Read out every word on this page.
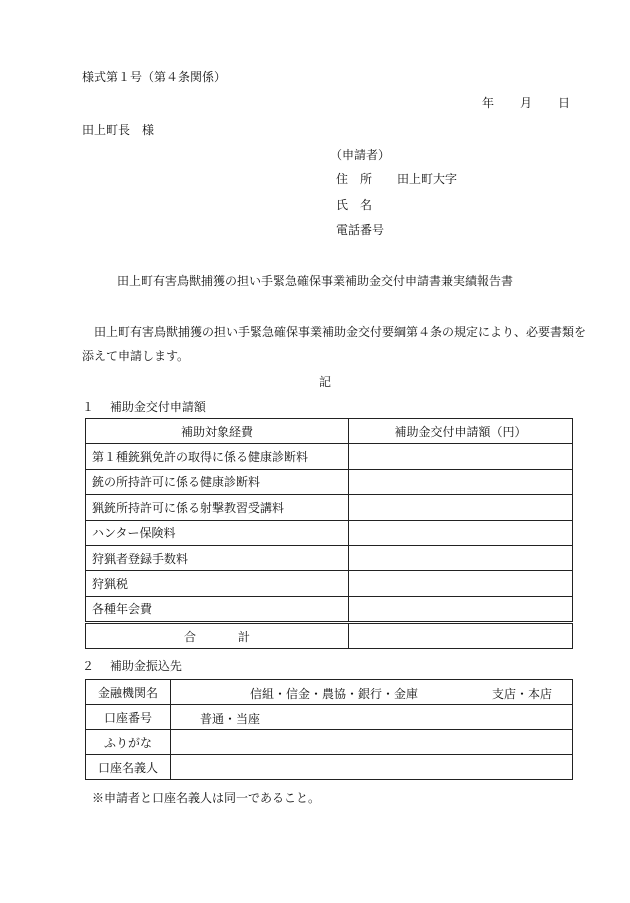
様式第１号（第４条関係）
年 月 日
田上町長　様
（申請者）
住　所 田上町大字
氏　名
電話番号
田上町有害鳥獣捕獲の担い手緊急確保事業補助金交付申請書兼実績報告書
田上町有害鳥獣捕獲の担い手緊急確保事業補助金交付要綱第４条の規定により、必要書類を
添えて申請します。
記
１　 補助金交付申請額
補助対象経費	補助金交付申請額（円）
第１種銃猟免許の取得に係る健康診断料	
銃の所持許可に係る健康診断料	
猟銃所持許可に係る射撃教習受講料	
ハンター保険料	
狩猟者登録手数料	
狩猟税	
各種年会費	
合 計	
２　 補助金振込先
金融機関名	信組・信金・農協・銀行・金庫 支店・本店

口座番号	普通・当座

ふりがな	
口座名義人	
※申請者と口座名義人は同一であること。
